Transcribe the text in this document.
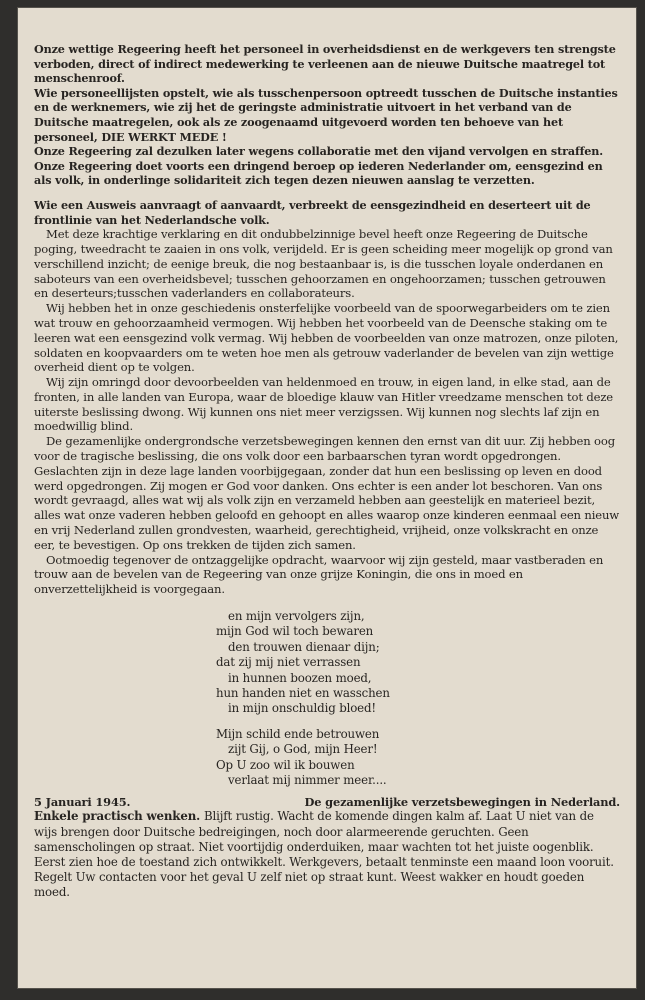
Onze wettige Regeering heeft het personeel in overheidsdienst en de werkgevers ten strengste verboden, direct of indirect medewerking te verleenen aan de nieuwe Duitsche maatregel tot menschenroof.

Wie personeellijsten opstelt, wie als tusschenpersoon optreedt tusschen de Duitsche instanties en de werknemers, wie zij het de geringste administratie uitvoert in het verband van de Duitsche maatregelen, ook als ze zoogenaamd uitgevoerd worden ten behoeve van het personeel, DIE WERKT MEDE !

Onze Regeering zal dezulken later wegens collaboratie met den vijand vervolgen en straffen.

Onze Regeering doet voorts een dringend beroep op iederen Nederlander om, eensgezind en als volk, in onderlinge solidariteit zich tegen dezen nieuwen aanslag te verzetten.

Wie een Ausweis aanvraagt of aanvaardt, verbreekt de eensgezindheid en deserteert uit de frontlinie van het Nederlandsche volk.

Met deze krachtige verklaring en dit ondubbelzinnige bevel heeft onze Regeering de Duitsche poging, tweedracht te zaaien in ons volk, verijdeld. Er is geen scheiding meer mogelijk op grond van verschillend inzicht; de eenige breuk, die nog bestaanbaar is, is die tusschen loyale onderdanen en saboteurs van een overheidsbevel; tusschen gehoorzamen en ongehoorzamen; tusschen getrouwen en deserteurs;tusschen vaderlanders en collaborateurs.

Wij hebben het in onze geschiedenis onsterfelijke voorbeeld van de spoorwegarbeiders om te zien wat trouw en gehoorzaamheid vermogen. Wij hebben het voorbeeld van de Deensche staking om te leeren wat een eensgezind volk vermag. Wij hebben de voorbeelden van onze matrozen, onze piloten, soldaten en koopvaarders om te weten hoe men als getrouw vaderlander de bevelen van zijn wettige overheid dient op te volgen.

Wij zijn omringd door devoorbeelden van heldenmoed en trouw, in eigen land, in elke stad, aan de fronten, in alle landen van Europa, waar de bloedige klauw van Hitler vreedzame menschen tot deze uiterste beslissing dwong. Wij kunnen ons niet meer verzigssen. Wij kunnen nog slechts laf zijn en moedwillig blind.

De gezamenlijke ondergrondsche verzetsbewegingen kennen den ernst van dit uur. Zij hebben oog voor de tragische beslissing, die ons volk door een barbaarschen tyran wordt opgedrongen. Geslachten zijn in deze lage landen voorbijgegaan, zonder dat hun een beslissing op leven en dood werd opgedrongen. Zij mogen er God voor danken. Ons echter is een ander lot beschoren. Van ons wordt gevraagd, alles wat wij als volk zijn en verzameld hebben aan geestelijk en materieel bezit, alles wat onze vaderen hebben geloofd en gehoopt en alles waarop onze kinderen eenmaal een nieuw en vrij Nederland zullen grondvesten, waarheid, gerechtigheid, vrijheid, onze volkskracht en onze eer, te bevestigen. Op ons trekken de tijden zich samen.

Ootmoedig tegenover de ontzaggelijke opdracht, waarvoor wij zijn gesteld, maar vastberaden en trouw aan de bevelen van de Regeering van onze grijze Koningin, die ons in moed en onverzettelijkheid is voorgegaan.

en mijn vervolgers zijn,
mijn God wil toch bewaren
den trouwen dienaar dijn;
dat zij mij niet verrassen
in hunnen boozen moed,
hun handen niet en wasschen
in mijn onschuldig bloed!
Mijn schild ende betrouwen
zijt Gij, o God, mijn Heer!
Op U zoo wil ik bouwen
verlaat mij nimmer meer....
5 Januari 1945.	De gezamenlijke verzetsbewegingen in Nederland.

Enkele practisch wenken. Blijft rustig. Wacht de komende dingen kalm af. Laat U niet van de wijs brengen door Duitsche bedreigingen, noch door alarmeerende geruchten. Geen samenscholingen op straat. Niet voortijdig onderduiken, maar wachten tot het juiste oogenblik. Eerst zien hoe de toestand zich ontwikkelt. Werkgevers, betaalt tenminste een maand loon vooruit. Regelt Uw contacten voor het geval U zelf niet op straat kunt. Weest wakker en houdt goeden moed.
